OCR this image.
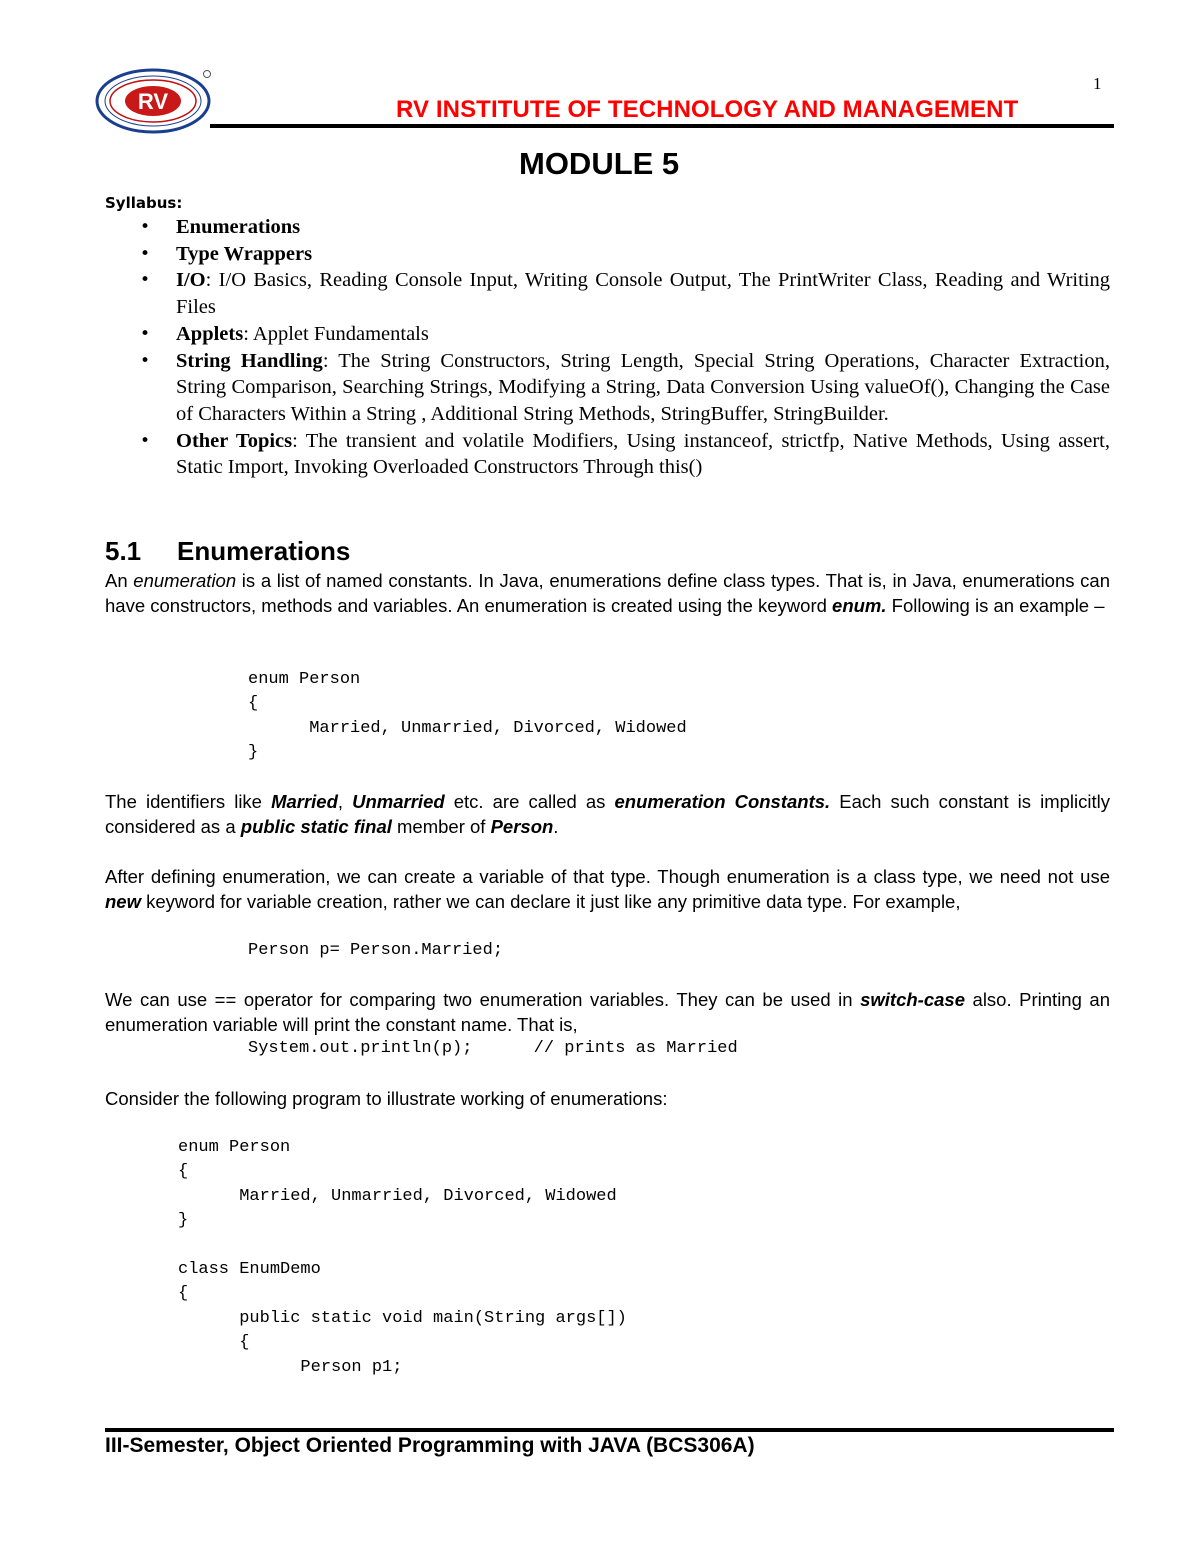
1
RV	RV INSTITUTE OF TECHNOLOGY AND MANAGEMENT
MODULE 5
Syllabus:
• Enumerations
• Type Wrappers
• I/O: I/O Basics, Reading Console Input, Writing Console Output, The PrintWriter Class, Reading and Writing Files
• Applets: Applet Fundamentals
• String Handling: The String Constructors, String Length, Special String Operations, Character Extraction, String Comparison, Searching Strings, Modifying a String, Data Conversion Using valueOf(), Changing the Case of Characters Within a String , Additional String Methods, StringBuffer, StringBuilder.
• Other Topics: The transient and volatile Modifiers, Using instanceof, strictfp, Native Methods, Using assert, Static Import, Invoking Overloaded Constructors Through this()
5.1 Enumerations

An enumeration is a list of named constants. In Java, enumerations define class types. That is, in Java, enumerations can have constructors, methods and variables. An enumeration is created using the keyword enum. Following is an example –

enum Person
{
Married, Unmarried, Divorced, Widowed
}

The identifiers like Married, Unmarried etc. are called as enumeration Constants. Each such constant is implicitly considered as a public static final member of Person.

After defining enumeration, we can create a variable of that type. Though enumeration is a class type, we need not use new keyword for variable creation, rather we can declare it just like any primitive data type. For example,

Person p= Person.Married;

We can use == operator for comparing two enumeration variables. They can be used in switch-case also. Printing an enumeration variable will print the constant name. That is,

System.out.println(p);      // prints as Married

Consider the following program to illustrate working of enumerations:

enum Person
{
Married, Unmarried, Divorced, Widowed
}

class EnumDemo
{
public static void main(String args[])
{
Person p1;
III-Semester, Object Oriented Programming with JAVA (BCS306A)
